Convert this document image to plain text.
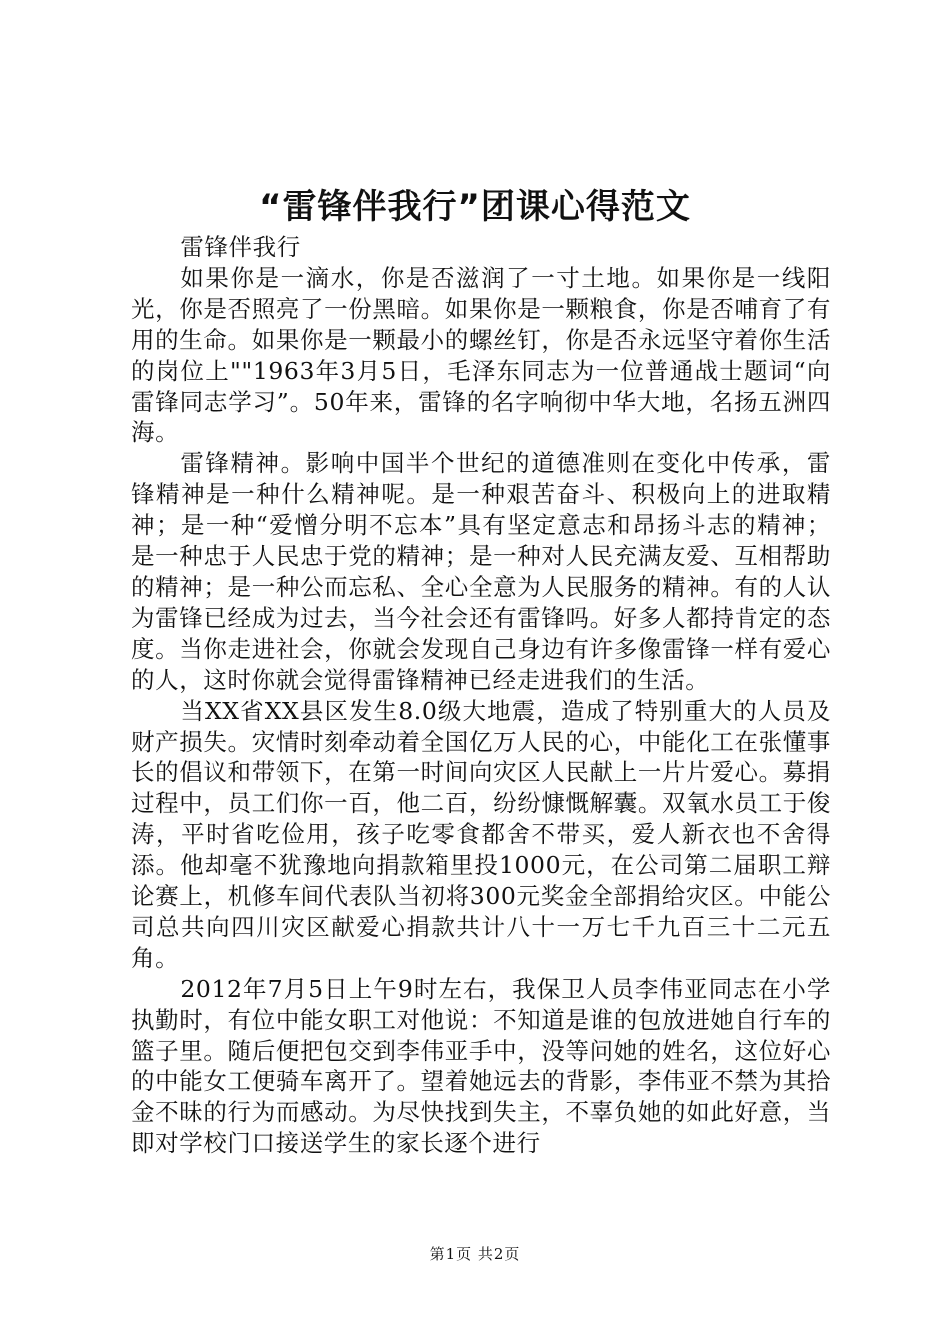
“雷锋伴我行”团课心得范文

雷锋伴我行

如果你是一滴水，你是否滋润了一寸土地。如果你是一线阳光，你是否照亮了一份黑暗。如果你是一颗粮食，你是否哺育了有用的生命。如果你是一颗最小的螺丝钉，你是否永远坚守着你生活的岗位上""1963年3月5日，毛泽东同志为一位普通战士题词“向雷锋同志学习”。50年来，雷锋的名字响彻中华大地，名扬五洲四海。

雷锋精神。影响中国半个世纪的道德准则在变化中传承，雷锋精神是一种什么精神呢。是一种艰苦奋斗、积极向上的进取精神；是一种“爱憎分明不忘本”具有坚定意志和昂扬斗志的精神；是一种忠于人民忠于党的精神；是一种对人民充满友爱、互相帮助的精神；是一种公而忘私、全心全意为人民服务的精神。有的人认为雷锋已经成为过去，当今社会还有雷锋吗。好多人都持肯定的态度。当你走进社会，你就会发现自己身边有许多像雷锋一样有爱心的人，这时你就会觉得雷锋精神已经走进我们的生活。

当XX省XX县区发生8.0级大地震，造成了特别重大的人员及财产损失。灾情时刻牵动着全国亿万人民的心，中能化工在张懂事长的倡议和带领下，在第一时间向灾区人民献上一片片爱心。募捐过程中，员工们你一百，他二百，纷纷慷慨解囊。双氧水员工于俊涛，平时省吃俭用，孩子吃零食都舍不带买，爱人新衣也不舍得添。他却毫不犹豫地向捐款箱里投1000元，在公司第二届职工辩论赛上，机修车间代表队当初将300元奖金全部捐给灾区。中能公司总共向四川灾区献爱心捐款共计八十一万七千九百三十二元五角。

2012年7月5日上午9时左右，我保卫人员李伟亚同志在小学执勤时，有位中能女职工对他说：不知道是谁的包放进她自行车的篮子里。随后便把包交到李伟亚手中，没等问她的姓名，这位好心的中能女工便骑车离开了。望着她远去的背影，李伟亚不禁为其拾金不昧的行为而感动。为尽快找到失主，不辜负她的如此好意，当即对学校门口接送学生的家长逐个进行

第1页 共2页
